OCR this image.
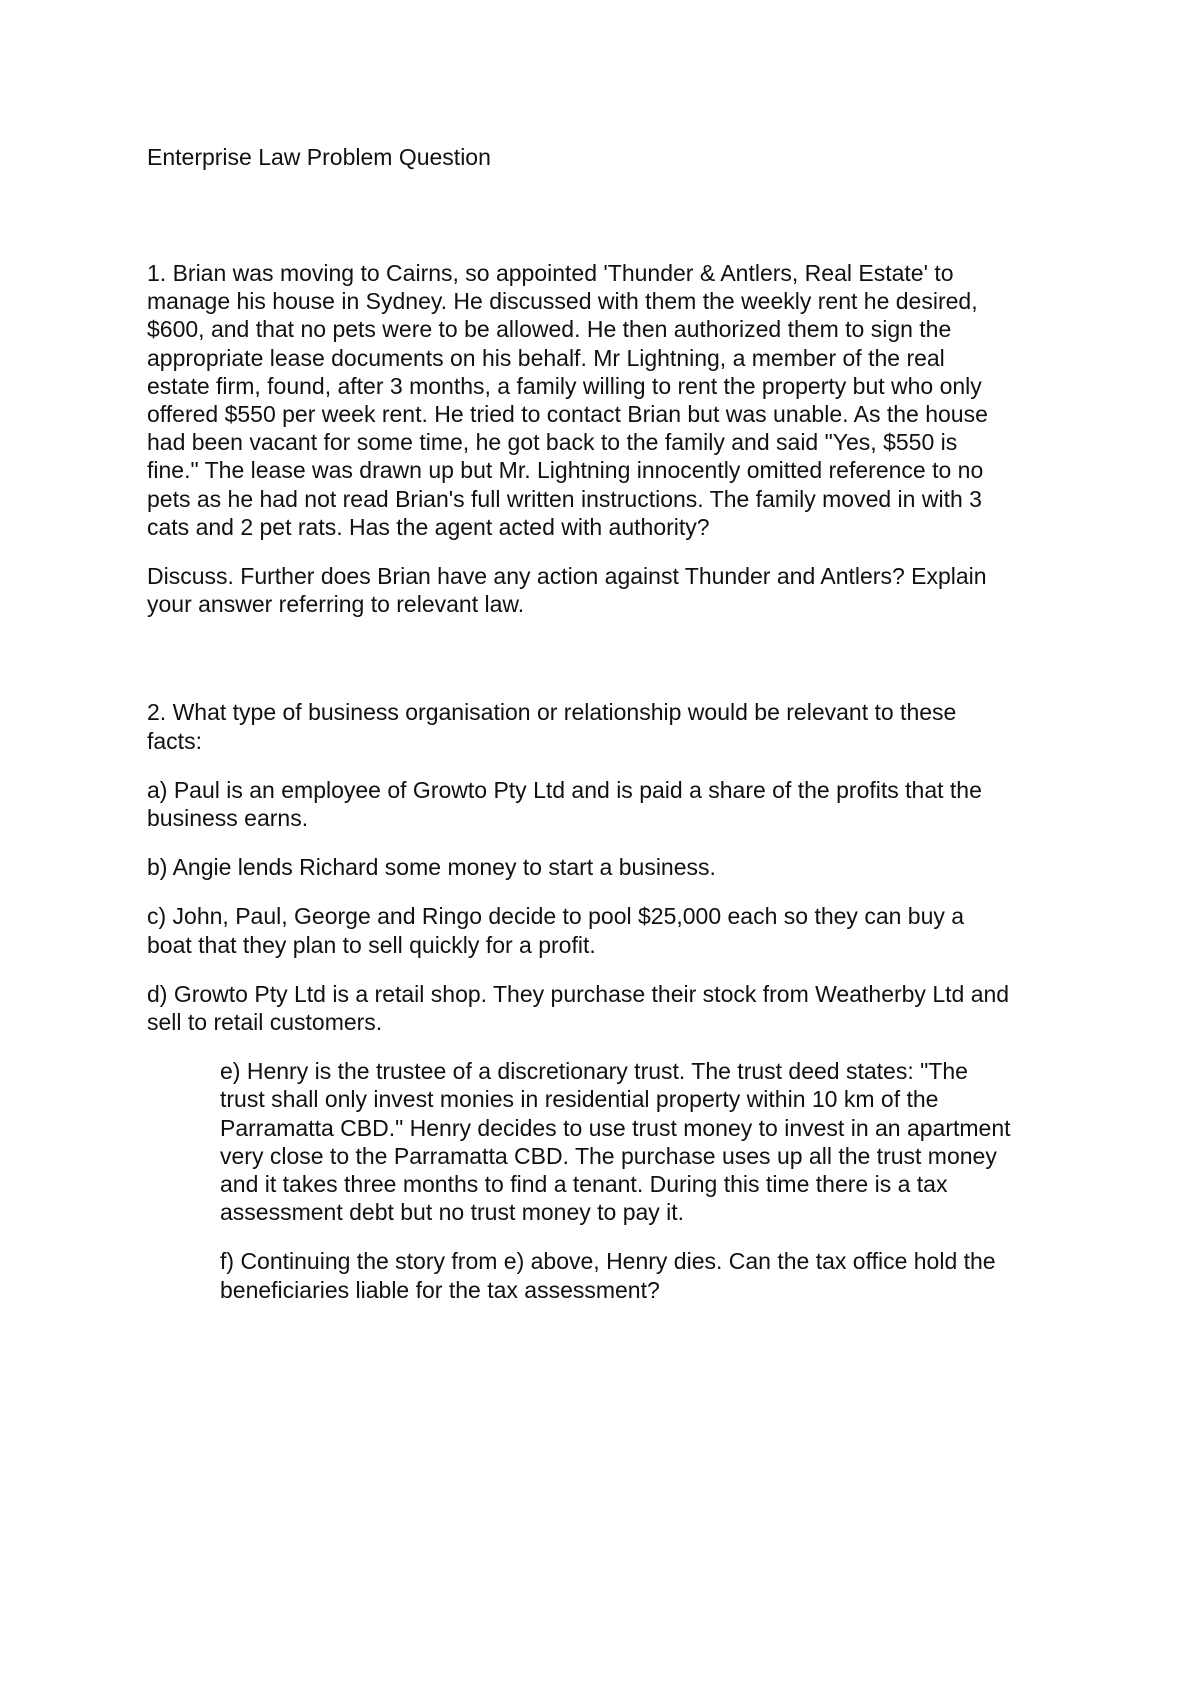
Enterprise Law Problem Question

1. Brian was moving to Cairns, so appointed 'Thunder & Antlers, Real Estate' to
manage his house in Sydney. He discussed with them the weekly rent he desired,
$600, and that no pets were to be allowed. He then authorized them to sign the
appropriate lease documents on his behalf. Mr Lightning, a member of the real
estate firm, found, after 3 months, a family willing to rent the property but who only
offered $550 per week rent. He tried to contact Brian but was unable. As the house
had been vacant for some time, he got back to the family and said "Yes, $550 is
fine." The lease was drawn up but Mr. Lightning innocently omitted reference to no
pets as he had not read Brian's full written instructions. The family moved in with 3
cats and 2 pet rats. Has the agent acted with authority?

Discuss. Further does Brian have any action against Thunder and Antlers? Explain
your answer referring to relevant law.

2. What type of business organisation or relationship would be relevant to these
facts:

a) Paul is an employee of Growto Pty Ltd and is paid a share of the profits that the
business earns.

b) Angie lends Richard some money to start a business.

c) John, Paul, George and Ringo decide to pool $25,000 each so they can buy a
boat that they plan to sell quickly for a profit.

d) Growto Pty Ltd is a retail shop. They purchase their stock from Weatherby Ltd and
sell to retail customers.

e) Henry is the trustee of a discretionary trust. The trust deed states: "The
trust shall only invest monies in residential property within 10 km of the
Parramatta CBD." Henry decides to use trust money to invest in an apartment
very close to the Parramatta CBD. The purchase uses up all the trust money
and it takes three months to find a tenant. During this time there is a tax
assessment debt but no trust money to pay it.

f) Continuing the story from e) above, Henry dies. Can the tax office hold the
beneficiaries liable for the tax assessment?
